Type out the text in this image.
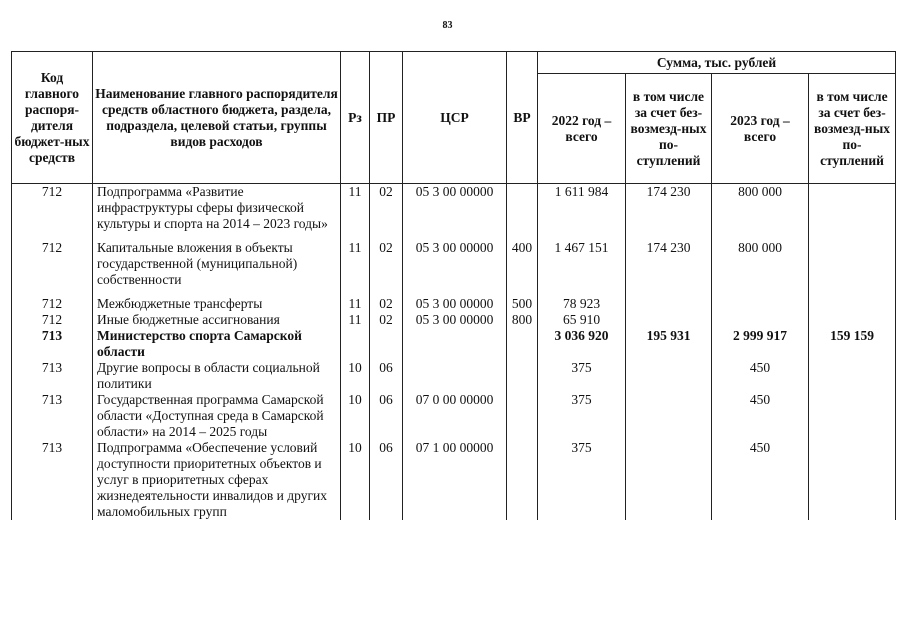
83
Код главного распоря-дителя бюджет-ных средств	Наименование главного распорядителя средств областного бюджета, раздела, подраздела, целевой статьи, группы видов расходов	Рз	ПР	ЦСР	ВР	Сумма, тыс. рублей			
						2022 год – всего	в том числе за счет без-возмезд-ных по-ступлений	2023 год – всего	в том числе за счет без-возмезд-ных по-ступлений
712	Подпрограмма «Развитие инфраструктуры сферы физической культуры и спорта на 2014 – 2023 годы»	11	02	05 3 00 00000		1 611 984	174 230	800 000	
712	Капитальные вложения в объекты государственной (муниципальной) собственности	11	02	05 3 00 00000	400	1 467 151	174 230	800 000	
712	Межбюджетные трансферты	11	02	05 3 00 00000	500	78 923			
712	Иные бюджетные ассигнования	11	02	05 3 00 00000	800	65 910			
713	Министерство спорта Самарской области					3 036 920	195 931	2 999 917	159 159
713	Другие вопросы в области социальной политики	10	06			375		450	
713	Государственная программа Самарской области «Доступная среда в Самарской области» на 2014 – 2025 годы	10	06	07 0 00 00000		375		450	
713	Подпрограмма «Обеспечение условий доступности приоритетных объектов и услуг в приоритетных сферах жизнедеятельности инвалидов и других маломобильных групп	10	06	07 1 00 00000		375		450	
